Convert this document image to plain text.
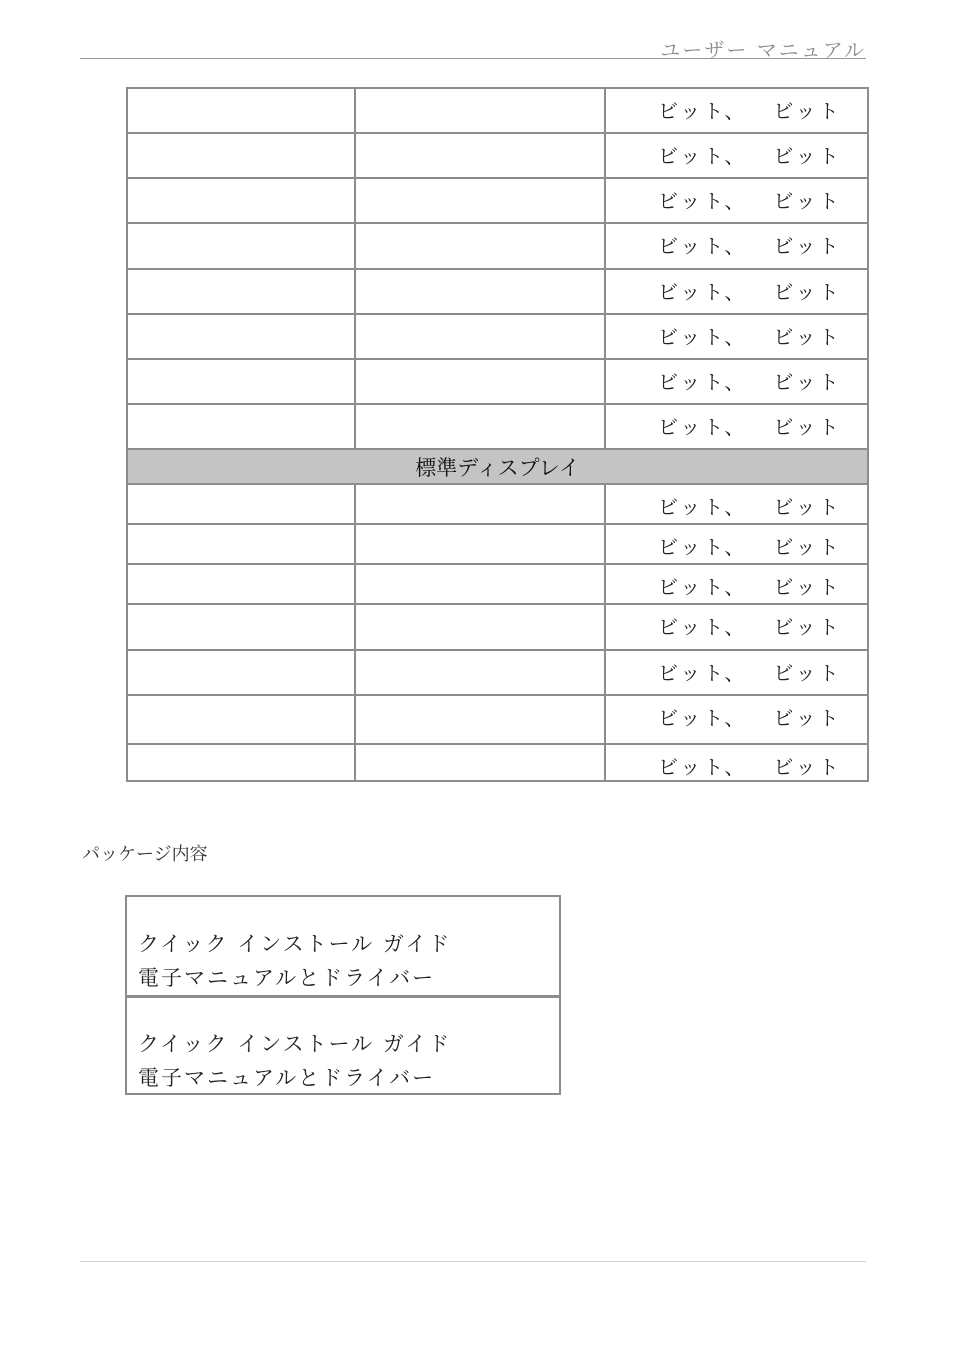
ユーザー マニュアル
		ビット、 ビット
		ビット、 ビット
		ビット、 ビット
		ビット、 ビット
		ビット、 ビット
		ビット、 ビット
		ビット、 ビット
		ビット、 ビット
標準ディスプレイ		
		ビット、 ビット
		ビット、 ビット
		ビット、 ビット
		ビット、 ビット
		ビット、 ビット
		ビット、 ビット
		ビット、 ビット
パッケージ内容
クイック インストール ガイド
電子マニュアルとドライバー
クイック インストール ガイド
電子マニュアルとドライバー
